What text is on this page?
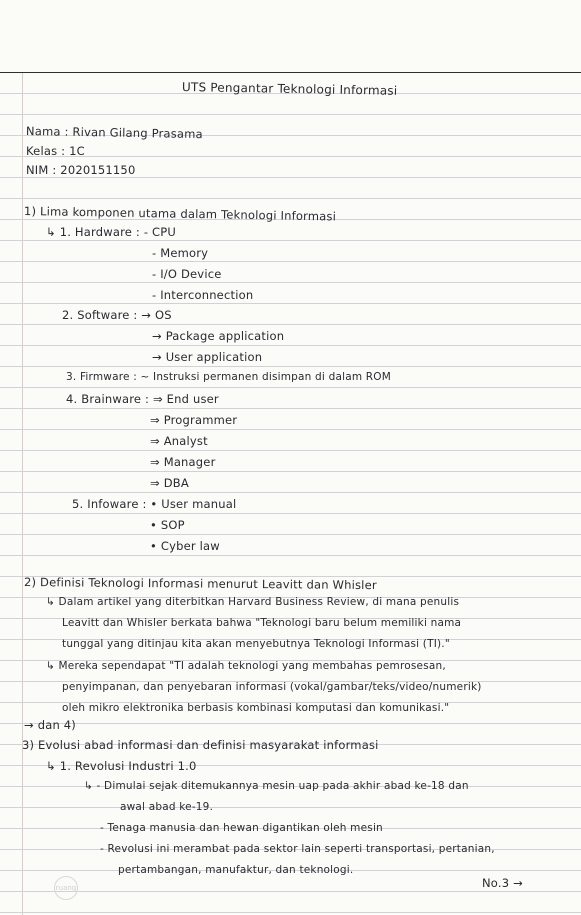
UTS Pengantar Teknologi Informasi
Nama : Rivan Gilang Prasama
Kelas : 1C
NIM : 2020151150
1) Lima komponen utama dalam Teknologi Informasi
↳ 1. Hardware : - CPU
- Memory
- I/O Device
- Interconnection
2. Software : → OS
→ Package application
→ User application
3. Firmware : ~ Instruksi permanen disimpan di dalam ROM
4. Brainware : ⇒ End user
⇒ Programmer
⇒ Analyst
⇒ Manager
⇒ DBA
5. Infoware : • User manual
• SOP
• Cyber law
2) Definisi Teknologi Informasi menurut Leavitt dan Whisler
↳ Dalam artikel yang diterbitkan Harvard Business Review, di mana penulis
Leavitt dan Whisler berkata bahwa "Teknologi baru belum memiliki nama
tunggal yang ditinjau kita akan menyebutnya Teknologi Informasi (TI)."
↳ Mereka sependapat "TI adalah teknologi yang membahas pemrosesan,
penyimpanan, dan penyebaran informasi (vokal/gambar/teks/video/numerik)
oleh mikro elektronika berbasis kombinasi komputasi dan komunikasi."
→ dan 4)
3) Evolusi abad informasi dan definisi masyarakat informasi
↳ 1. Revolusi Industri 1.0
↳ - Dimulai sejak ditemukannya mesin uap pada akhir abad ke-18 dan
awal abad ke-19.
- Tenaga manusia dan hewan digantikan oleh mesin
- Revolusi ini merambat pada sektor lain seperti transportasi, pertanian,
pertambangan, manufaktur, dan teknologi.
No.3 →
ruang
